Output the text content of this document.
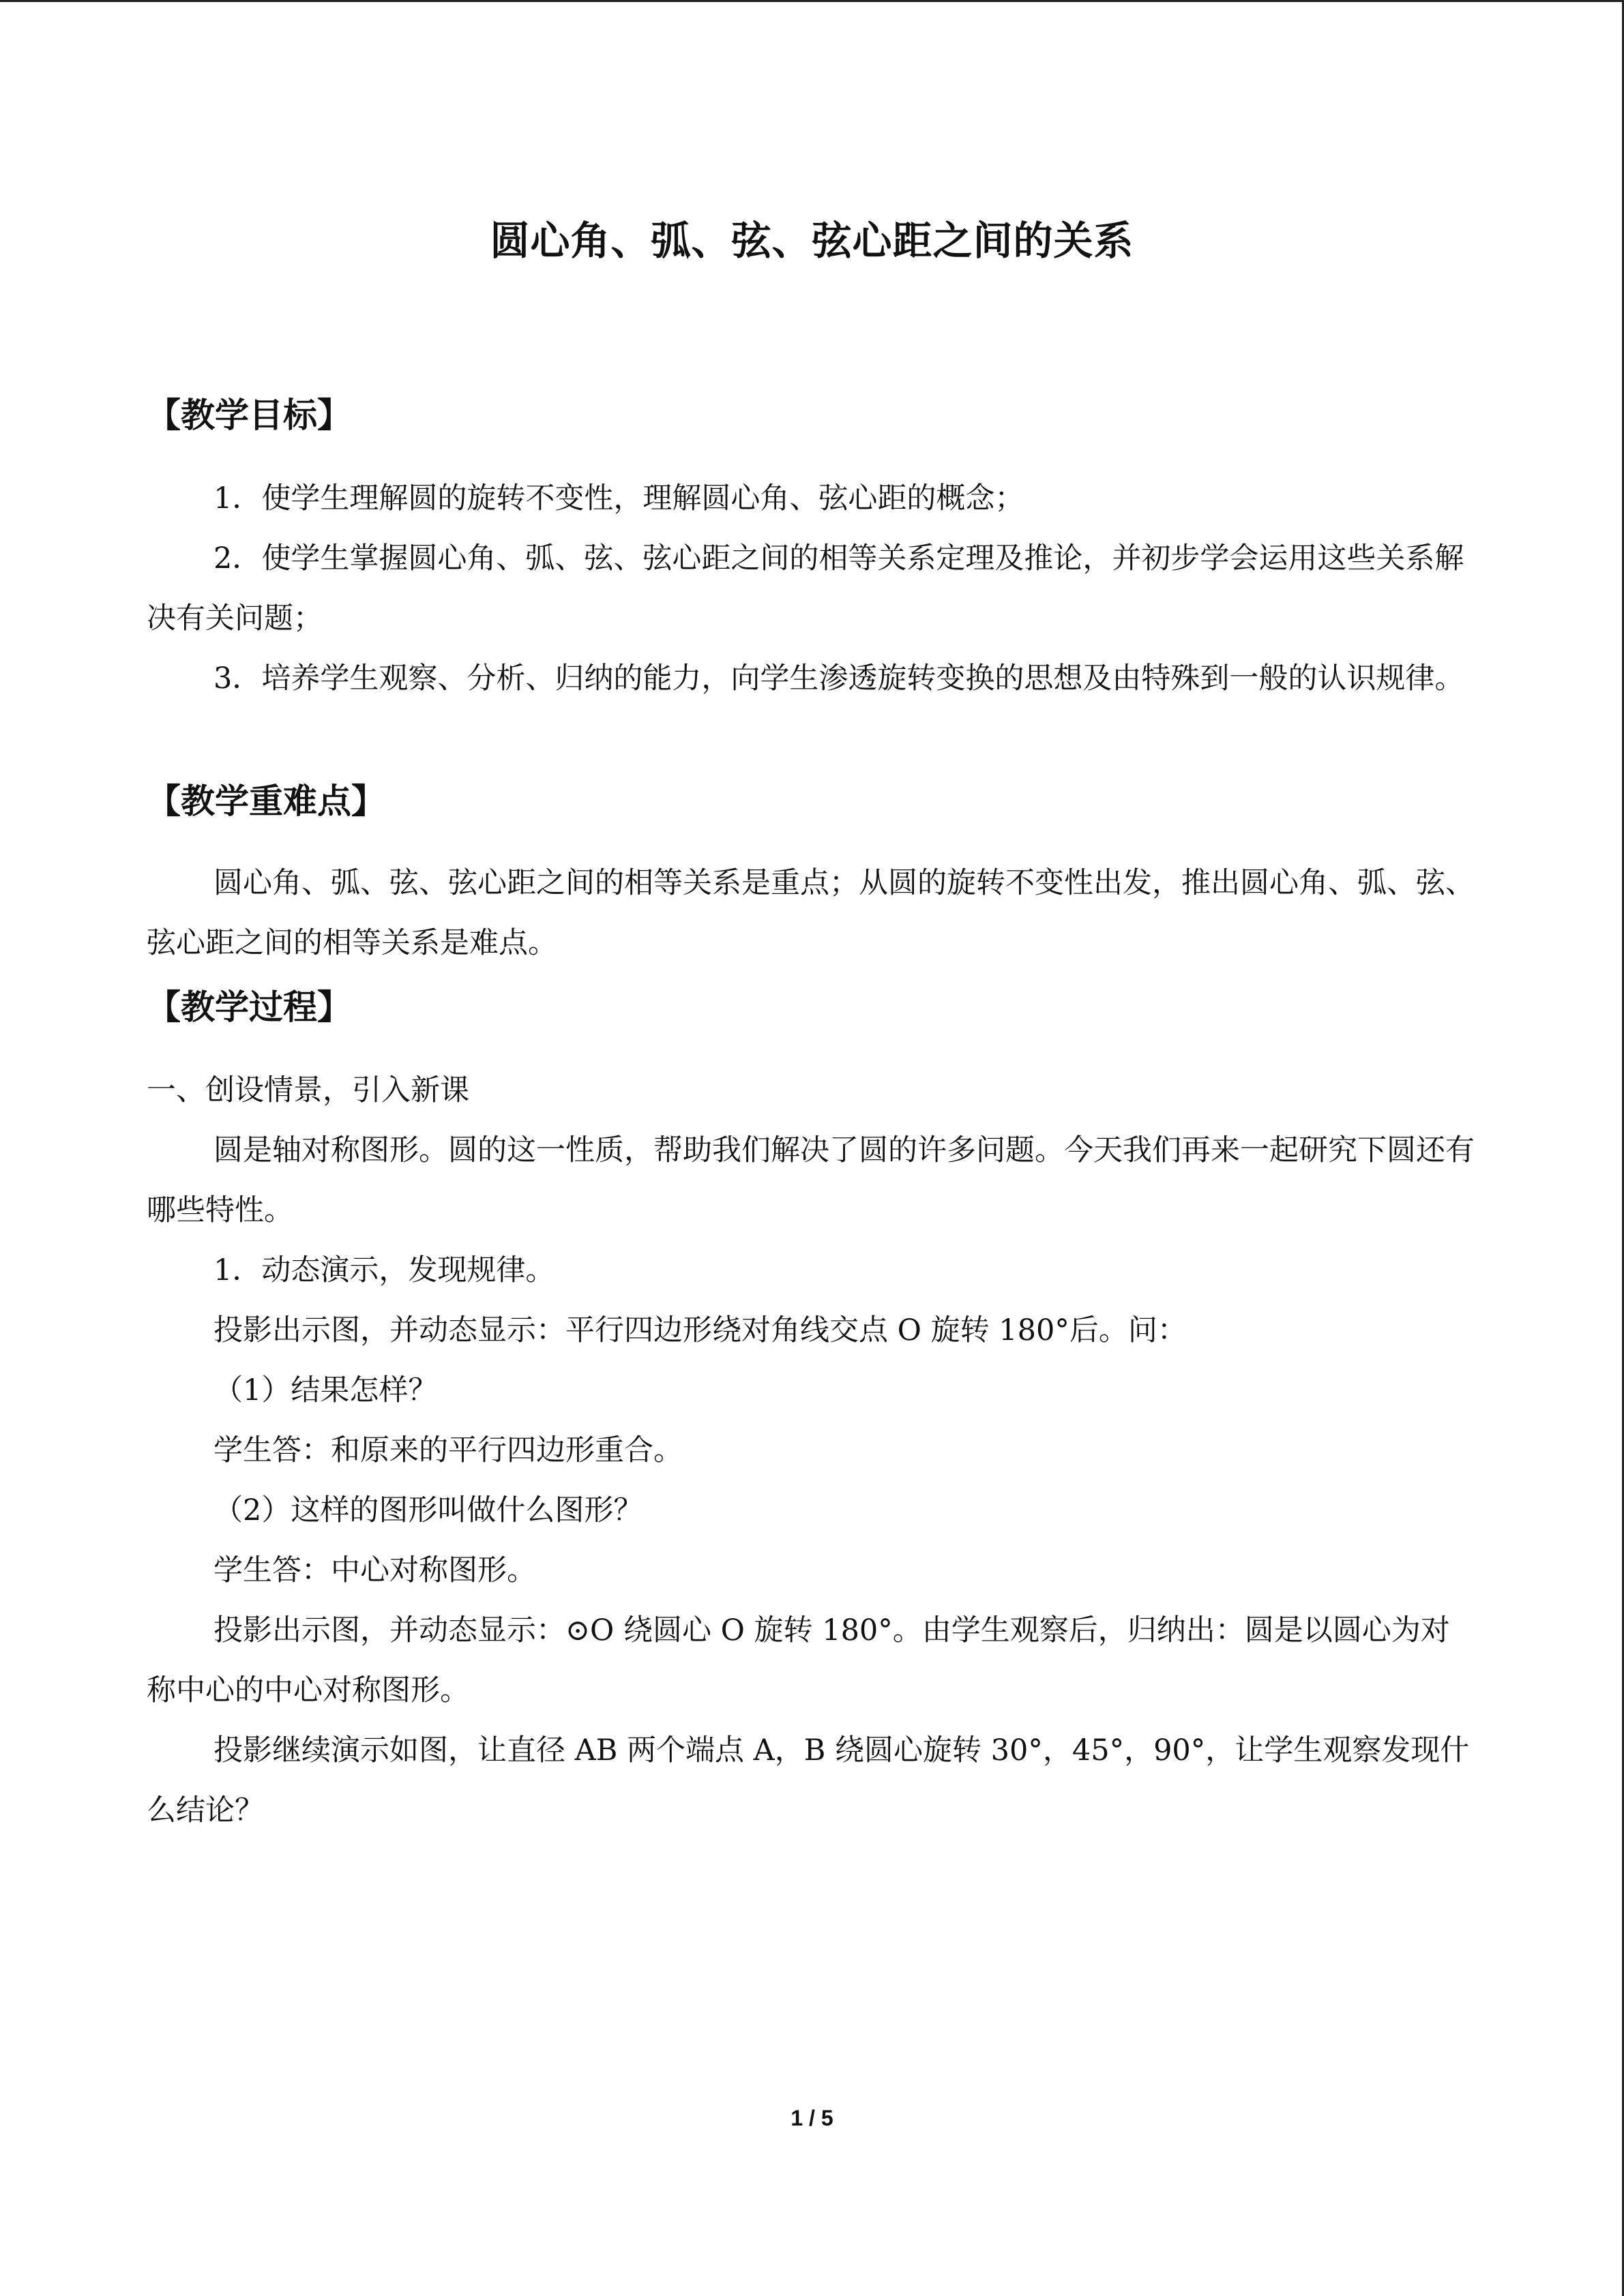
圆心角、弧、弦、弦心距之间的关系
【教学目标】
1．使学生理解圆的旋转不变性，理解圆心角、弦心距的概念；
2．使学生掌握圆心角、弧、弦、弦心距之间的相等关系定理及推论，并初步学会运用这些关系解决有关问题；
3．培养学生观察、分析、归纳的能力，向学生渗透旋转变换的思想及由特殊到一般的认识规律。
【教学重难点】
圆心角、弧、弦、弦心距之间的相等关系是重点；从圆的旋转不变性出发，推出圆心角、弧、弦、弦心距之间的相等关系是难点。
【教学过程】
一、创设情景，引入新课
圆是轴对称图形。圆的这一性质，帮助我们解决了圆的许多问题。今天我们再来一起研究下圆还有哪些特性。
1．动态演示，发现规律。
投影出示图，并动态显示：平行四边形绕对角线交点 O 旋转 180°后。问：
（1）结果怎样？
学生答：和原来的平行四边形重合。
（2）这样的图形叫做什么图形？
学生答：中心对称图形。
投影出示图，并动态显示：⊙O 绕圆心 O 旋转 180°。由学生观察后，归纳出：圆是以圆心为对称中心的中心对称图形。
投影继续演示如图，让直径 AB 两个端点 A，B 绕圆心旋转 30°，45°，90°，让学生观察发现什么结论？
1 / 5
